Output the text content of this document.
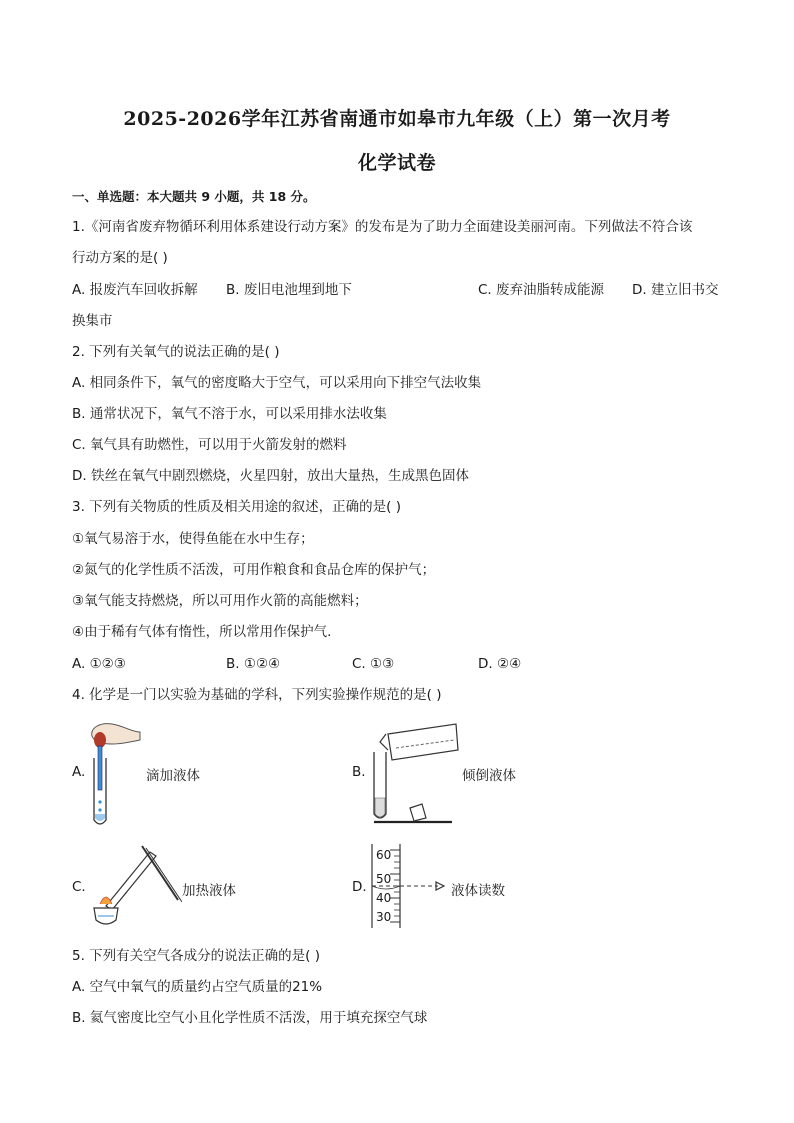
2025-2026学年江苏省南通市如皋市九年级（上）第一次月考
化学试卷
一、单选题：本大题共 9 小题，共 18 分。
1.《河南省废弃物循环利用体系建设行动方案》的发布是为了助力全面建设美丽河南。下列做法不符合该
行动方案的是( )
A. 报废汽车回收拆解 B. 废旧电池埋到地下	C. 废弃油脂转成能源 D. 建立旧书交
换集市
2. 下列有关氧气的说法正确的是( )
A. 相同条件下，氧气的密度略大于空气，可以采用向下排空气法收集
B. 通常状况下，氧气不溶于水，可以采用排水法收集
C. 氧气具有助燃性，可以用于火箭发射的燃料
D. 铁丝在氧气中剧烈燃烧，火星四射，放出大量热，生成黑色固体
3. 下列有关物质的性质及相关用途的叙述，正确的是( )
①氧气易溶于水，使得鱼能在水中生存；
②氮气的化学性质不活泼，可用作粮食和食品仓库的保护气；
③氧气能支持燃烧，所以可用作火箭的高能燃料；
④由于稀有气体有惰性，所以常用作保护气.
A. ①②③	B. ①②④	C. ①③	D. ②④
4. 化学是一门以实验为基础的学科，下列实验操作规范的是( )
A.	滴加液体	B.	倾倒液体
C.	加热液体	D.
60
50
40
30
液体读数
5. 下列有关空气各成分的说法正确的是( )
A. 空气中氧气的质量约占空气质量的21%
B. 氦气密度比空气小且化学性质不活泼，用于填充探空气球
